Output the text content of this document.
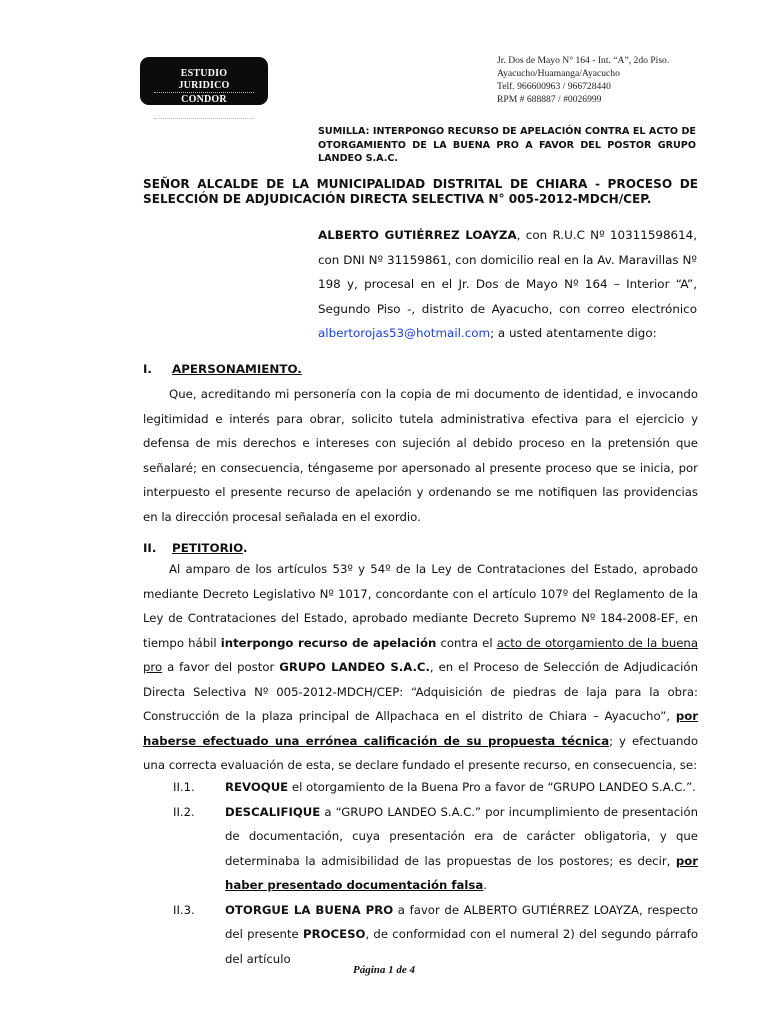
ESTUDIO JURIDICO
CONDOR PALOMINO
Jr. Dos de Mayo N° 164 - Int. “A”, 2do Piso.
Ayacucho/Huamanga/Ayacucho
Telf. 966600963 / 966728440
RPM # 688887 / #0026999
SUMILLA: INTERPONGO RECURSO DE APELACIÓN CONTRA EL ACTO DE OTORGAMIENTO DE LA BUENA PRO A FAVOR DEL POSTOR GRUPO LANDEO S.A.C.
SEÑOR ALCALDE DE LA MUNICIPALIDAD DISTRITAL DE CHIARA - PROCESO DE SELECCIÓN DE ADJUDICACIÓN DIRECTA SELECTIVA N° 005-2012-MDCH/CEP.
ALBERTO GUTIÉRREZ LOAYZA, con R.U.C Nº 10311598614, con DNI Nº 31159861, con domicilio real en la Av. Maravillas Nº 198 y, procesal en el Jr. Dos de Mayo Nº 164 – Interior “A”, Segundo Piso -, distrito de Ayacucho, con correo electrónico albertorojas53@hotmail.com; a usted atentamente digo:
I. APERSONAMIENTO.
Que, acreditando mi personería con la copia de mi documento de identidad, e invocando legitimidad e interés para obrar, solicito tutela administrativa efectiva para el ejercicio y defensa de mis derechos e intereses con sujeción al debido proceso en la pretensión que señalaré; en consecuencia, téngaseme por apersonado al presente proceso que se inicia, por interpuesto el presente recurso de apelación y ordenando se me notifiquen las providencias en la dirección procesal señalada en el exordio.
II. PETITORIO.
Al amparo de los artículos 53º y 54º de la Ley de Contrataciones del Estado, aprobado mediante Decreto Legislativo Nº 1017, concordante con el artículo 107º del Reglamento de la Ley de Contrataciones del Estado, aprobado mediante Decreto Supremo Nº 184-2008-EF, en tiempo hábil interpongo recurso de apelación contra el acto de otorgamiento de la buena pro a favor del postor GRUPO LANDEO S.A.C., en el Proceso de Selección de Adjudicación Directa Selectiva Nº 005-2012-MDCH/CEP: “Adquisición de piedras de laja para la obra: Construcción de la plaza principal de Allpachaca en el distrito de Chiara – Ayacucho”, por haberse efectuado una errónea calificación de su propuesta técnica; y efectuando una correcta evaluación de esta, se declare fundado el presente recurso, en consecuencia, se:
II.1.	REVOQUE el otorgamiento de la Buena Pro a favor de “GRUPO LANDEO S.A.C.”.
II.2.	DESCALIFIQUE a “GRUPO LANDEO S.A.C.” por incumplimiento de presentación de documentación, cuya presentación era de carácter obligatoria, y que determinaba la admisibilidad de las propuestas de los postores; es decir, por haber presentado documentación falsa.
II.3.	OTORGUE LA BUENA PRO a favor de ALBERTO GUTIÉRREZ LOAYZA, respecto del presente PROCESO, de conformidad con el numeral 2) del segundo párrafo del artículo
Página 1 de 4
